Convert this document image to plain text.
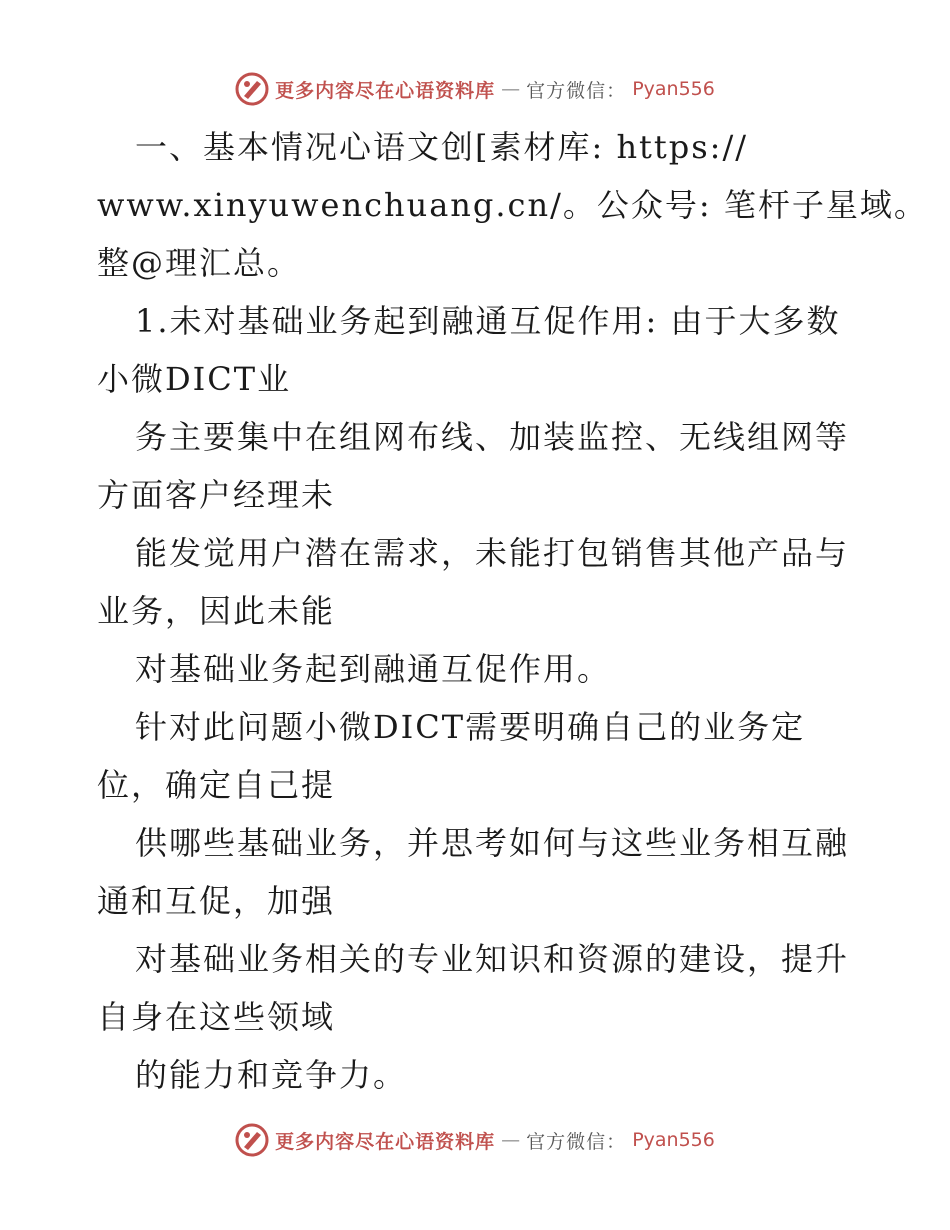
更多内容尽在心语资料库 — 官方微信： Pyan556

一、基本情况心语文创[素材库: https://

www.xinyuwenchuang.cn/。公众号: 笔杆子星域。

整@理汇总。

1.未对基础业务起到融通互促作用: 由于大多数

小微DICT业

务主要集中在组网布线、加装监控、无线组网等

方面客户经理未

能发觉用户潜在需求，未能打包销售其他产品与

业务，因此未能

对基础业务起到融通互促作用。

针对此问题小微DICT需要明确自己的业务定

位，确定自己提

供哪些基础业务，并思考如何与这些业务相互融

通和互促，加强

对基础业务相关的专业知识和资源的建设，提升

自身在这些领域

的能力和竞争力。

更多内容尽在心语资料库 — 官方微信： Pyan556
